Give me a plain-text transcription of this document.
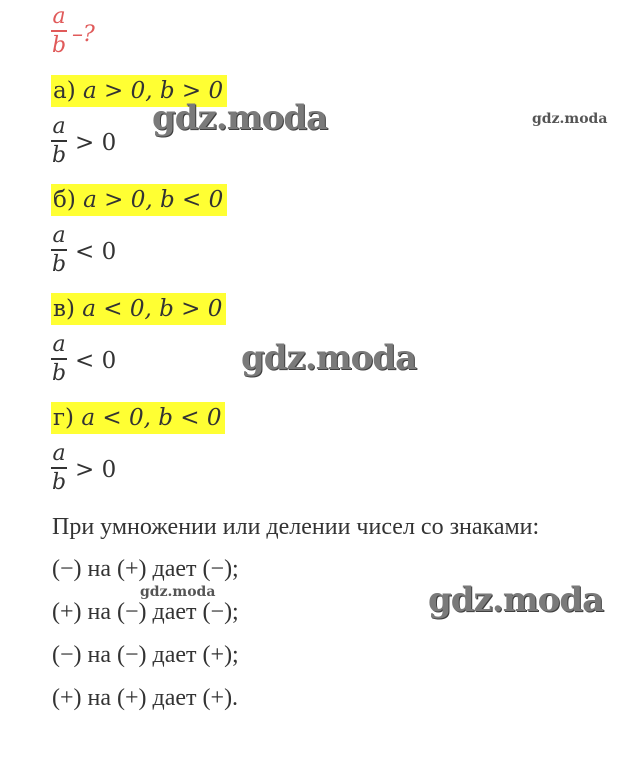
a
b –?
а) a > 0, b > 0
a
b > 0
б) a > 0, b < 0
a
b < 0
в) a < 0, b > 0
a
b < 0
г) a < 0, b < 0
a
b > 0
При умножении или делении чисел со знаками:
(−) на (+) дает (−);
(+) на (−) дает (−);
(−) на (−) дает (+);
(+) на (+) дает (+).
gdz.moda	gdz.moda
gdz.moda
gdz.moda	gdz.moda
